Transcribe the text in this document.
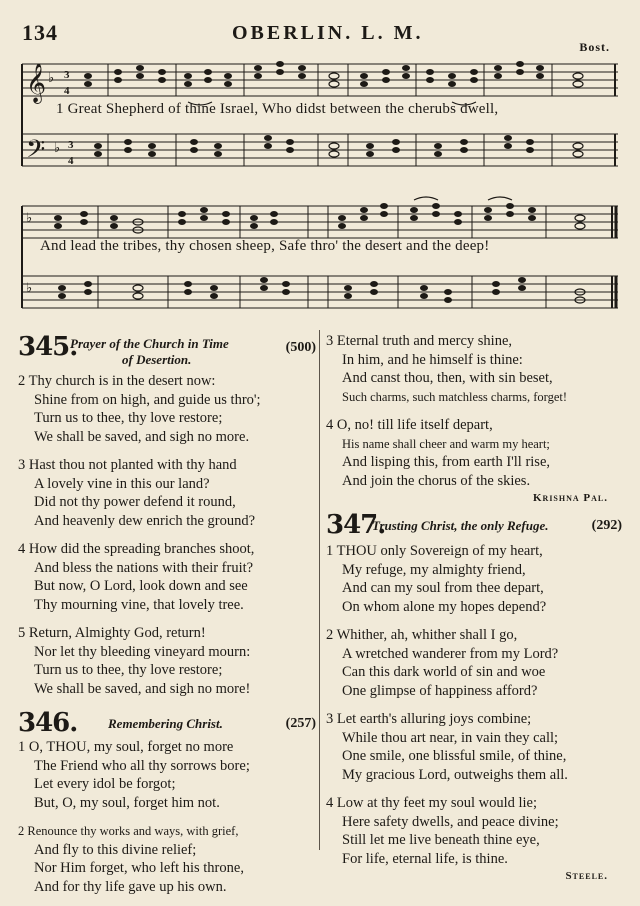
134	OBERLIN. L. M.
Bost.
𝄞
𝄢
♭
♭
3
4
3
4
1 Great Shepherd of thine Israel, Who didst between the cherubs dwell,
♭
♭
And lead the tribes, thy chosen sheep, Safe thro' the desert and the deep!
345.
Prayer of the Church in Time
of Desertion.
(500)
2 Thy church is in the desert now:
Shine from on high, and guide us thro';
Turn us to thee, thy love restore;
We shall be saved, and sigh no more.
3 Hast thou not planted with thy hand
A lovely vine in this our land?
Did not thy power defend it round,
And heavenly dew enrich the ground?
4 How did the spreading branches shoot,
And bless the nations with their fruit?
But now, O Lord, look down and see
Thy mourning vine, that lovely tree.
5 Return, Almighty God, return!
Nor let thy bleeding vineyard mourn:
Turn us to thee, thy love restore;
We shall be saved, and sigh no more!
346. Remembering Christ.	(257)
1 O, THOU, my soul, forget no more
The Friend who all thy sorrows bore;
Let every idol be forgot;
But, O, my soul, forget him not.
2 Renounce thy works and ways, with grief,
And fly to this divine relief;
Nor Him forget, who left his throne,
And for thy life gave up his own.
3 Eternal truth and mercy shine,
In him, and he himself is thine:
And canst thou, then, with sin beset,
Such charms, such matchless charms, forget!
4 O, no! till life itself depart,
His name shall cheer and warm my heart;
And lisping this, from earth I'll rise,
And join the chorus of the skies.
Krishna Pal.
347.
Trusting Christ, the only Refuge.	(292)
1 THOU only Sovereign of my heart,
My refuge, my almighty friend,
And can my soul from thee depart,
On whom alone my hopes depend?
2 Whither, ah, whither shall I go,
A wretched wanderer from my Lord?
Can this dark world of sin and woe
One glimpse of happiness afford?
3 Let earth's alluring joys combine;
While thou art near, in vain they call;
One smile, one blissful smile, of thine,
My gracious Lord, outweighs them all.
4 Low at thy feet my soul would lie;
Here safety dwells, and peace divine;
Still let me live beneath thine eye,
For life, eternal life, is thine.
Steele.
